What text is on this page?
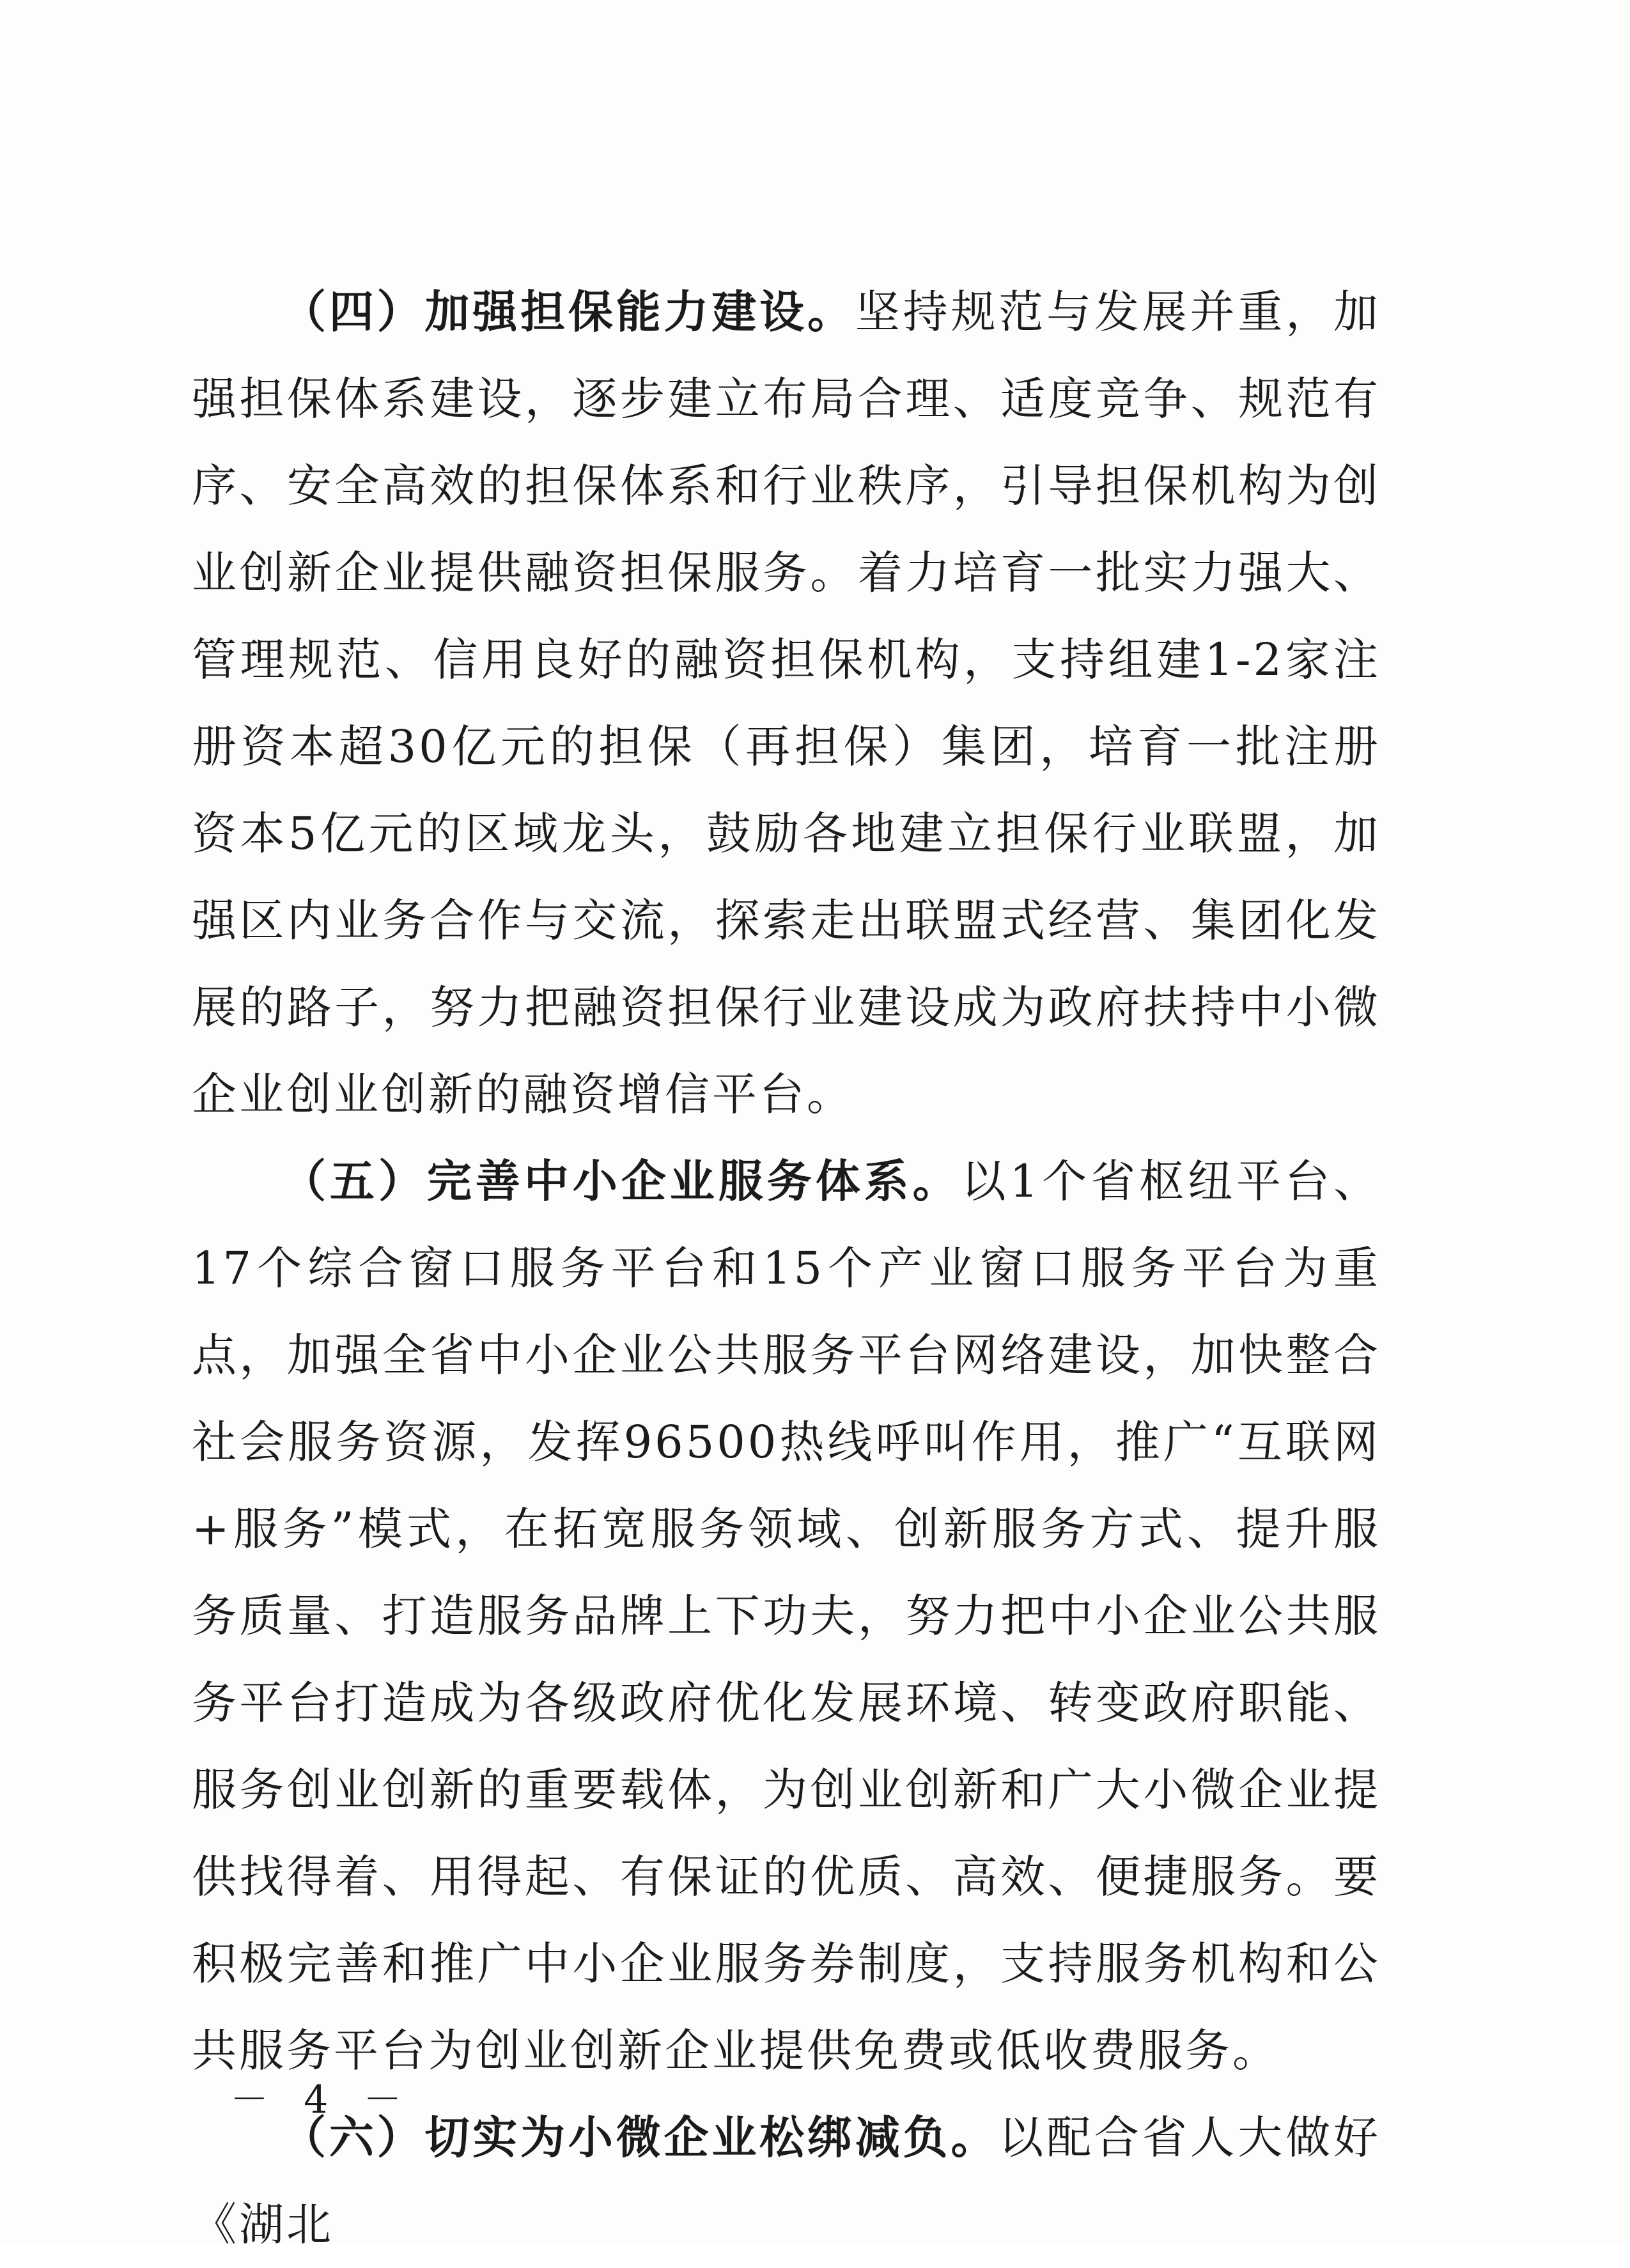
（四）加强担保能力建设。坚持规范与发展并重，加强担保体系建设，逐步建立布局合理、适度竞争、规范有序、安全高效的担保体系和行业秩序，引导担保机构为创业创新企业提供融资担保服务。着力培育一批实力强大、管理规范、信用良好的融资担保机构，支持组建1-2家注册资本超30亿元的担保（再担保）集团，培育一批注册资本5亿元的区域龙头，鼓励各地建立担保行业联盟，加强区内业务合作与交流，探索走出联盟式经营、集团化发展的路子，努力把融资担保行业建设成为政府扶持中小微企业创业创新的融资增信平台。

（五）完善中小企业服务体系。以1个省枢纽平台、17个综合窗口服务平台和15个产业窗口服务平台为重点，加强全省中小企业公共服务平台网络建设，加快整合社会服务资源，发挥96500热线呼叫作用，推广“互联网+服务”模式，在拓宽服务领域、创新服务方式、提升服务质量、打造服务品牌上下功夫，努力把中小企业公共服务平台打造成为各级政府优化发展环境、转变政府职能、服务创业创新的重要载体，为创业创新和广大小微企业提供找得着、用得起、有保证的优质、高效、便捷服务。要积极完善和推广中小企业服务券制度，支持服务机构和公共服务平台为创业创新企业提供免费或低收费服务。

（六）切实为小微企业松绑减负。以配合省人大做好《湖北

－ 4 －
